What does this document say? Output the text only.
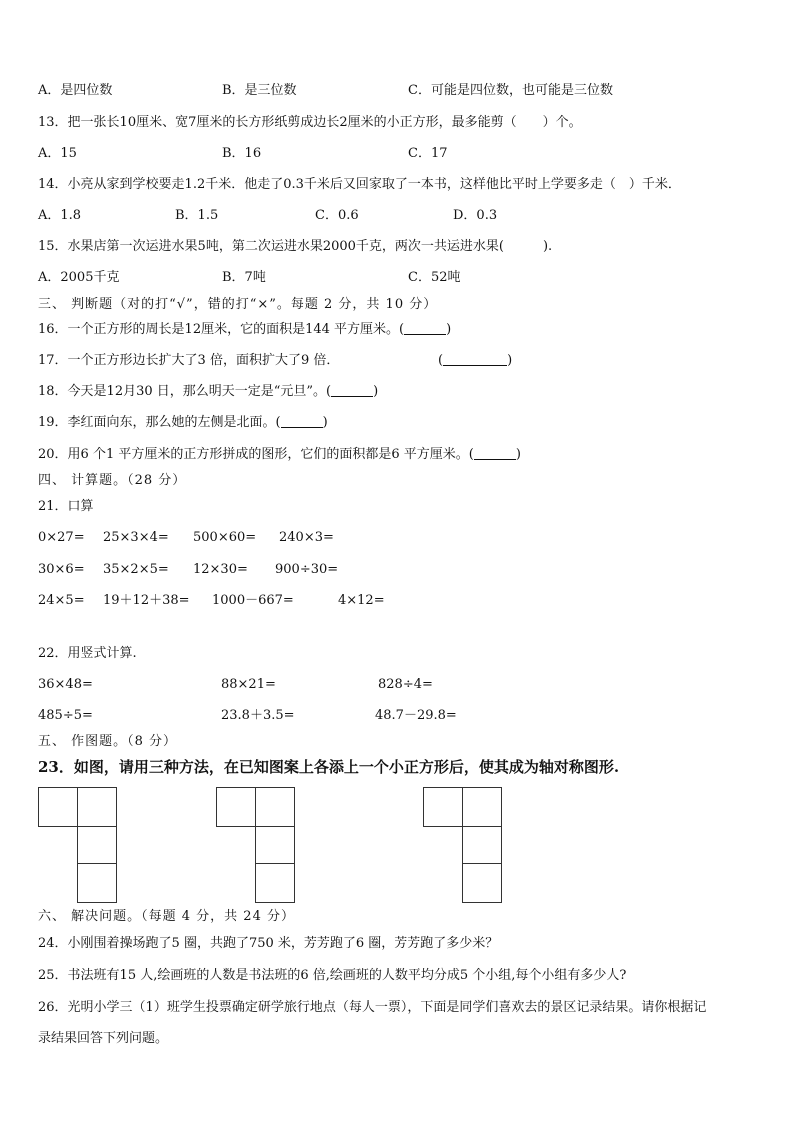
A．是四位数	B．是三位数	C．可能是四位数，也可能是三位数
13．把一张长10厘米、宽7厘米的长方形纸剪成边长2厘米的小正方形，最多能剪（　　）个。
A．15	B．16	C．17
14．小亮从家到学校要走1.2千米．他走了0.3千米后又回家取了一本书，这样他比平时上学要多走（　）千米．
A．1.8	B．1.5	C．0.6	D．0.3
15．水果店第一次运进水果5吨，第二次运进水果2000千克，两次一共运进水果(　　　).
A．2005千克	B．7吨	C．52吨
三、 判断题（对的打“√”，错的打“×”。每题 2 分，共 10 分）
16．一个正方形的周长是12厘米，它的面积是144 平方厘米。(	)
17．一个正方形边长扩大了3 倍，面积扩大了9 倍．	(	)
18．今天是12月30 日，那么明天一定是“元旦”。(	)
19．李红面向东，那么她的左侧是北面。(	)
20．用6 个1 平方厘米的正方形拼成的图形，它们的面积都是6 平方厘米。(	)
四、 计算题。（28 分）
21．口算
0×27= 25×3×4= 500×60= 240×3=
30×6= 35×2×5= 12×30= 900÷30=
24×5= 19＋12＋38= 1000－667=	4×12=
22．用竖式计算.
36×48=	88×21=	828÷4=
485÷5=	23.8＋3.5=	48.7－29.8=
五、 作图题。（8 分）
23．如图，请用三种方法，在已知图案上各添上一个小正方形后，使其成为轴对称图形.
六、 解决问题。（每题 4 分，共 24 分）
24．小刚围着操场跑了5 圈，共跑了750 米，芳芳跑了6 圈，芳芳跑了多少米？
25．书法班有15 人,绘画班的人数是书法班的6 倍,绘画班的人数平均分成5 个小组,每个小组有多少人?
26．光明小学三（1）班学生投票确定研学旅行地点（每人一票），下面是同学们喜欢去的景区记录结果。请你根据记
录结果回答下列问题。
